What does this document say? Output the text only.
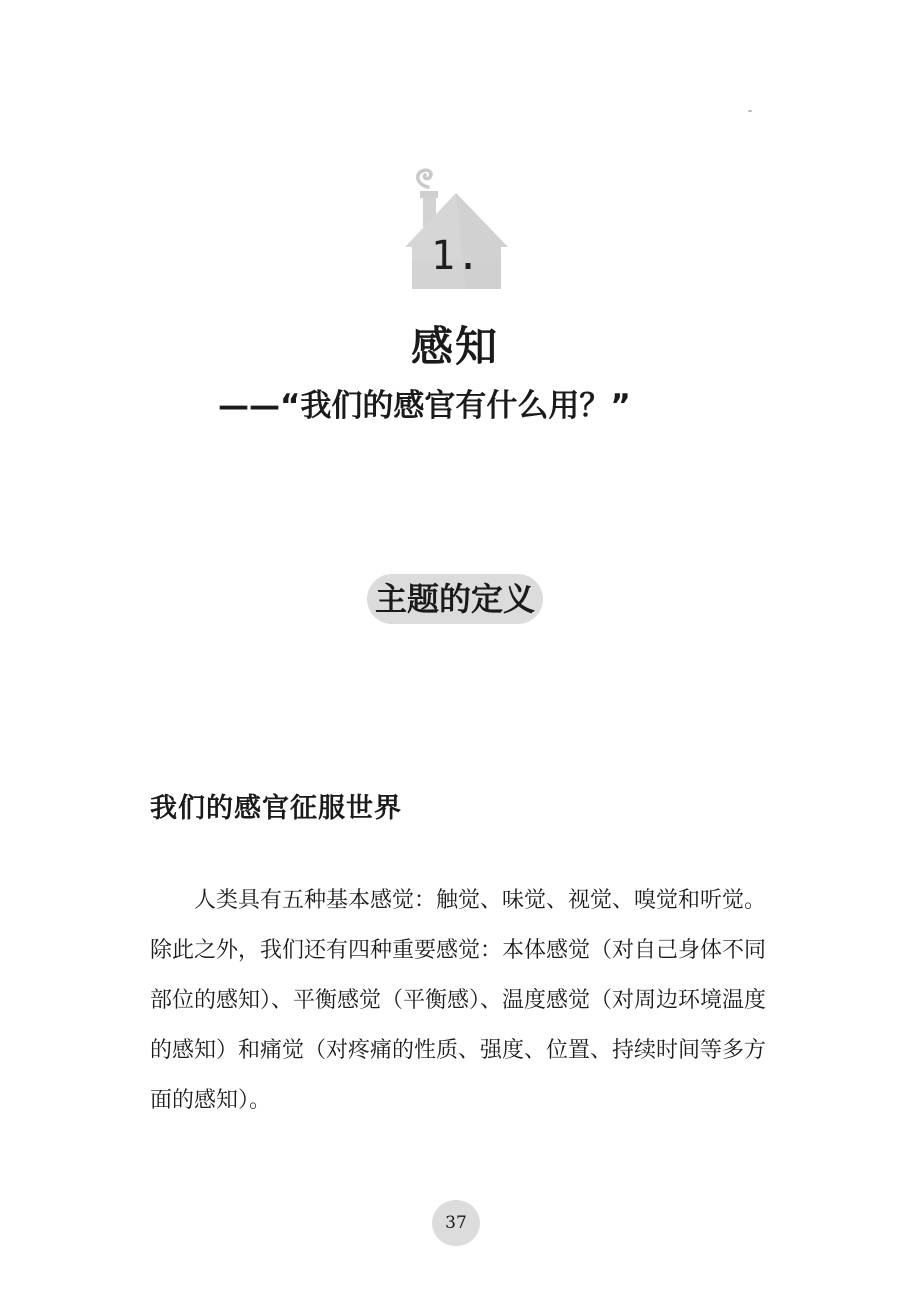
1.
感知
——“我们的感官有什么用？”
主题的定义
我们的感官征服世界

人类具有五种基本感觉：触觉、味觉、视觉、嗅觉和听觉。除此之外，我们还有四种重要感觉：本体感觉（对自己身体不同部位的感知）、平衡感觉（平衡感）、温度感觉（对周边环境温度的感知）和痛觉（对疼痛的性质、强度、位置、持续时间等多方面的感知）。

37
